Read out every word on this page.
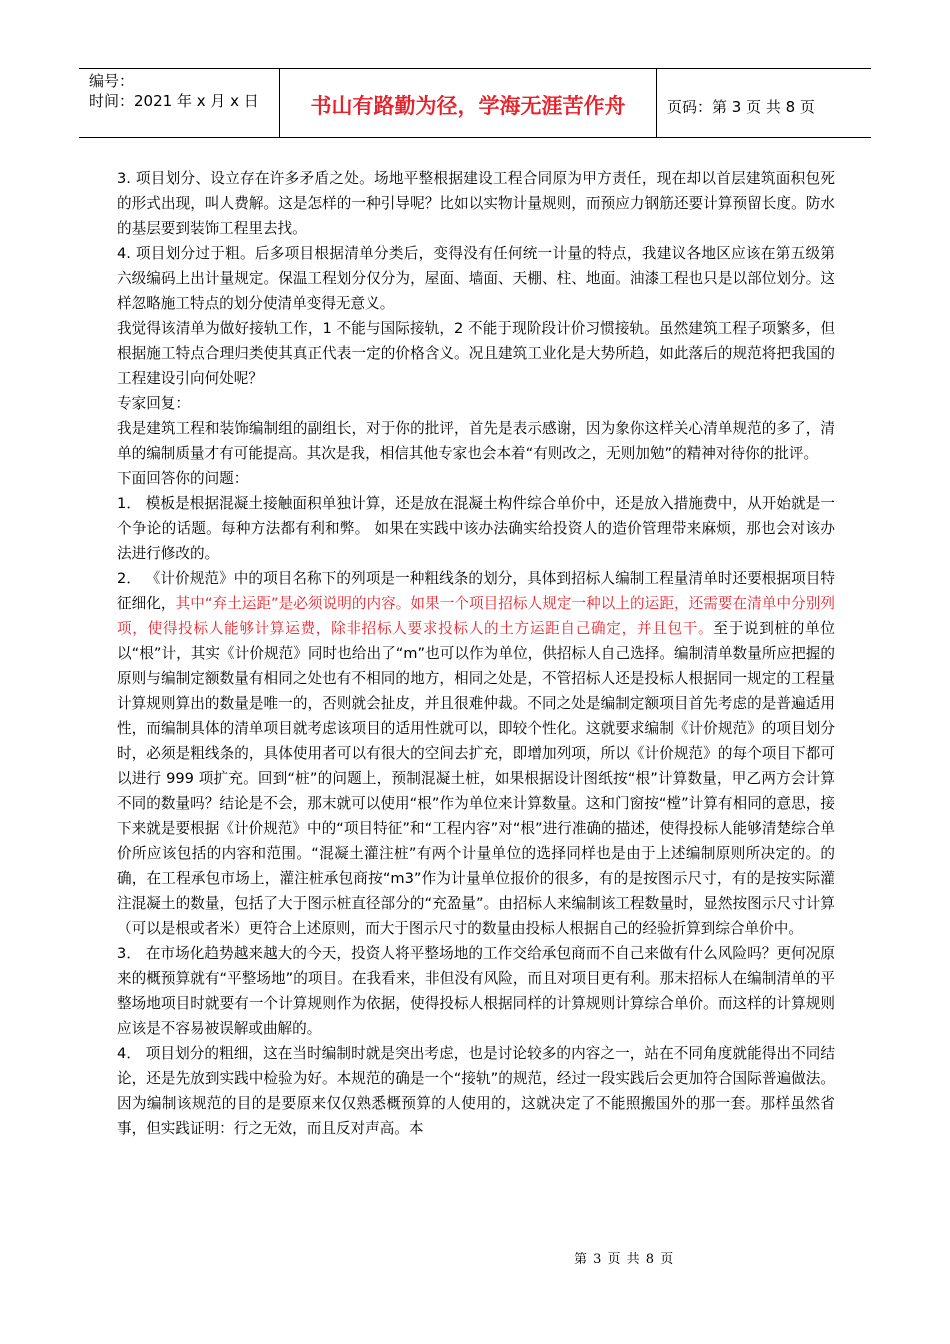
编号：
时间：2021 年 x 月 x 日	书山有路勤为径，学海无涯苦作舟	页码：第 3 页 共 8 页

3. 项目划分、设立存在许多矛盾之处。场地平整根据建设工程合同原为甲方责任，现在却以首层建筑面积包死的形式出现，叫人费解。这是怎样的一种引导呢？比如以实物计量规则，而预应力钢筋还要计算预留长度。防水的基层要到装饰工程里去找。

4. 项目划分过于粗。后多项目根据清单分类后，变得没有任何统一计量的特点，我建议各地区应该在第五级第六级编码上出计量规定。保温工程划分仅分为，屋面、墙面、天棚、柱、地面。油漆工程也只是以部位划分。这样忽略施工特点的划分使清单变得无意义。

我觉得该清单为做好接轨工作，1 不能与国际接轨，2 不能于现阶段计价习惯接轨。虽然建筑工程子项繁多，但根据施工特点合理归类使其真正代表一定的价格含义。况且建筑工业化是大势所趋，如此落后的规范将把我国的工程建设引向何处呢？

专家回复：

我是建筑工程和装饰编制组的副组长，对于你的批评，首先是表示感谢，因为象你这样关心清单规范的多了，清单的编制质量才有可能提高。其次是我，相信其他专家也会本着“有则改之，无则加勉”的精神对待你的批评。

下面回答你的问题：

1． 模板是根据混凝土接触面积单独计算，还是放在混凝土构件综合单价中，还是放入措施费中，从开始就是一个争论的话题。每种方法都有利和弊。 如果在实践中该办法确实给投资人的造价管理带来麻烦，那也会对该办法进行修改的。

2． 《计价规范》中的项目名称下的列项是一种粗线条的划分，具体到招标人编制工程量清单时还要根据项目特征细化，其中“弃土运距”是必须说明的内容。如果一个项目招标人规定一种以上的运距，还需要在清单中分别列项，使得投标人能够计算运费，除非招标人要求投标人的土方运距自己确定，并且包干。至于说到桩的单位以“根”计，其实《计价规范》同时也给出了“m”也可以作为单位，供招标人自己选择。编制清单数量所应把握的原则与编制定额数量有相同之处也有不相同的地方，相同之处是，不管招标人还是投标人根据同一规定的工程量计算规则算出的数量是唯一的，否则就会扯皮，并且很难仲裁。不同之处是编制定额项目首先考虑的是普遍适用性，而编制具体的清单项目就考虑该项目的适用性就可以，即较个性化。这就要求编制《计价规范》的项目划分时，必须是粗线条的，具体使用者可以有很大的空间去扩充，即增加列项，所以《计价规范》的每个项目下都可以进行 999 项扩充。回到“桩”的问题上，预制混凝土桩，如果根据设计图纸按“根”计算数量，甲乙两方会计算不同的数量吗？结论是不会，那末就可以使用“根”作为单位来计算数量。这和门窗按“樘”计算有相同的意思，接下来就是要根据《计价规范》中的“项目特征”和“工程内容”对“根”进行准确的描述，使得投标人能够清楚综合单价所应该包括的内容和范围。“混凝土灌注桩”有两个计量单位的选择同样也是由于上述编制原则所决定的。的确，在工程承包市场上，灌注桩承包商按“m3”作为计量单位报价的很多，有的是按图示尺寸，有的是按实际灌注混凝土的数量，包括了大于图示桩直径部分的“充盈量”。由招标人来编制该工程数量时，显然按图示尺寸计算（可以是根或者米）更符合上述原则，而大于图示尺寸的数量由投标人根据自己的经验折算到综合单价中。

3． 在市场化趋势越来越大的今天，投资人将平整场地的工作交给承包商而不自己来做有什么风险吗？更何况原来的概预算就有“平整场地”的项目。在我看来，非但没有风险，而且对项目更有利。那末招标人在编制清单的平整场地项目时就要有一个计算规则作为依据，使得投标人根据同样的计算规则计算综合单价。而这样的计算规则应该是不容易被误解或曲解的。

4． 项目划分的粗细，这在当时编制时就是突出考虑，也是讨论较多的内容之一，站在不同角度就能得出不同结论，还是先放到实践中检验为好。本规范的确是一个“接轨”的规范，经过一段实践后会更加符合国际普遍做法。因为编制该规范的目的是要原来仅仅熟悉概预算的人使用的，这就决定了不能照搬国外的那一套。那样虽然省事，但实践证明：行之无效，而且反对声高。本

第 3 页 共 8 页
